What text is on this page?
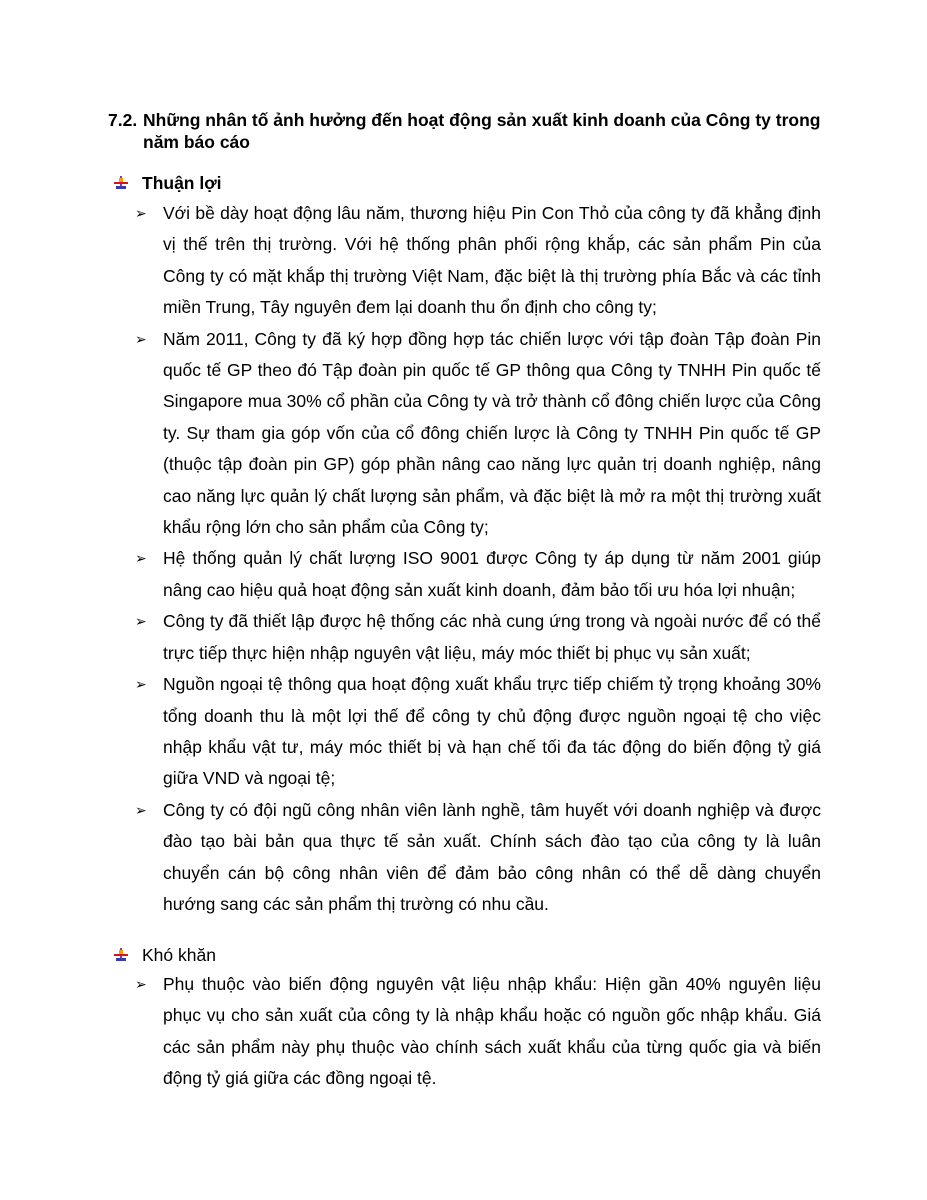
7.2. Những nhân tố ảnh hưởng đến hoạt động sản xuất kinh doanh của Công ty trong năm báo cáo
Thuận lợi
➢ Với bề dày hoạt động lâu năm, thương hiệu Pin Con Thỏ của công ty đã khẳng định vị thế trên thị trường. Với hệ thống phân phối rộng khắp, các sản phẩm Pin của Công ty có mặt khắp thị trường Việt Nam, đặc biệt là thị trường phía Bắc và các tỉnh miền Trung, Tây nguyên đem lại doanh thu ổn định cho công ty;
➢ Năm 2011, Công ty đã ký hợp đồng hợp tác chiến lược với tập đoàn Tập đoàn Pin quốc tế GP theo đó Tập đoàn pin quốc tế GP thông qua Công ty TNHH Pin quốc tế Singapore mua 30% cổ phần của Công ty và trở thành cổ đông chiến lược của Công ty. Sự tham gia góp vốn của cổ đông chiến lược là Công ty TNHH Pin quốc tế GP (thuộc tập đoàn pin GP) góp phần nâng cao năng lực quản trị doanh nghiệp, nâng cao năng lực quản lý chất lượng sản phẩm, và đặc biệt là mở ra một thị trường xuất khẩu rộng lớn cho sản phẩm của Công ty;
➢ Hệ thống quản lý chất lượng ISO 9001 được Công ty áp dụng từ năm 2001 giúp nâng cao hiệu quả hoạt động sản xuất kinh doanh, đảm bảo tối ưu hóa lợi nhuận;
➢ Công ty đã thiết lập được hệ thống các nhà cung ứng trong và ngoài nước để có thể trực tiếp thực hiện nhập nguyên vật liệu, máy móc thiết bị phục vụ sản xuất;
➢ Nguồn ngoại tệ thông qua hoạt động xuất khẩu trực tiếp chiếm tỷ trọng khoảng 30% tổng doanh thu là một lợi thế để công ty chủ động được nguồn ngoại tệ cho việc nhập khẩu vật tư, máy móc thiết bị và hạn chế tối đa tác động do biến động tỷ giá giữa VND và ngoại tệ;
➢ Công ty có đội ngũ công nhân viên lành nghề, tâm huyết với doanh nghiệp và được đào tạo bài bản qua thực tế sản xuất. Chính sách đào tạo của công ty là luân chuyển cán bộ công nhân viên để đảm bảo công nhân có thể dễ dàng chuyển hướng sang các sản phẩm thị trường có nhu cầu.
Khó khăn
➢ Phụ thuộc vào biến động nguyên vật liệu nhập khẩu: Hiện gần 40% nguyên liệu phục vụ cho sản xuất của công ty là nhập khẩu hoặc có nguồn gốc nhập khẩu. Giá các sản phẩm này phụ thuộc vào chính sách xuất khẩu của từng quốc gia và biến động tỷ giá giữa các đồng ngoại tệ.
